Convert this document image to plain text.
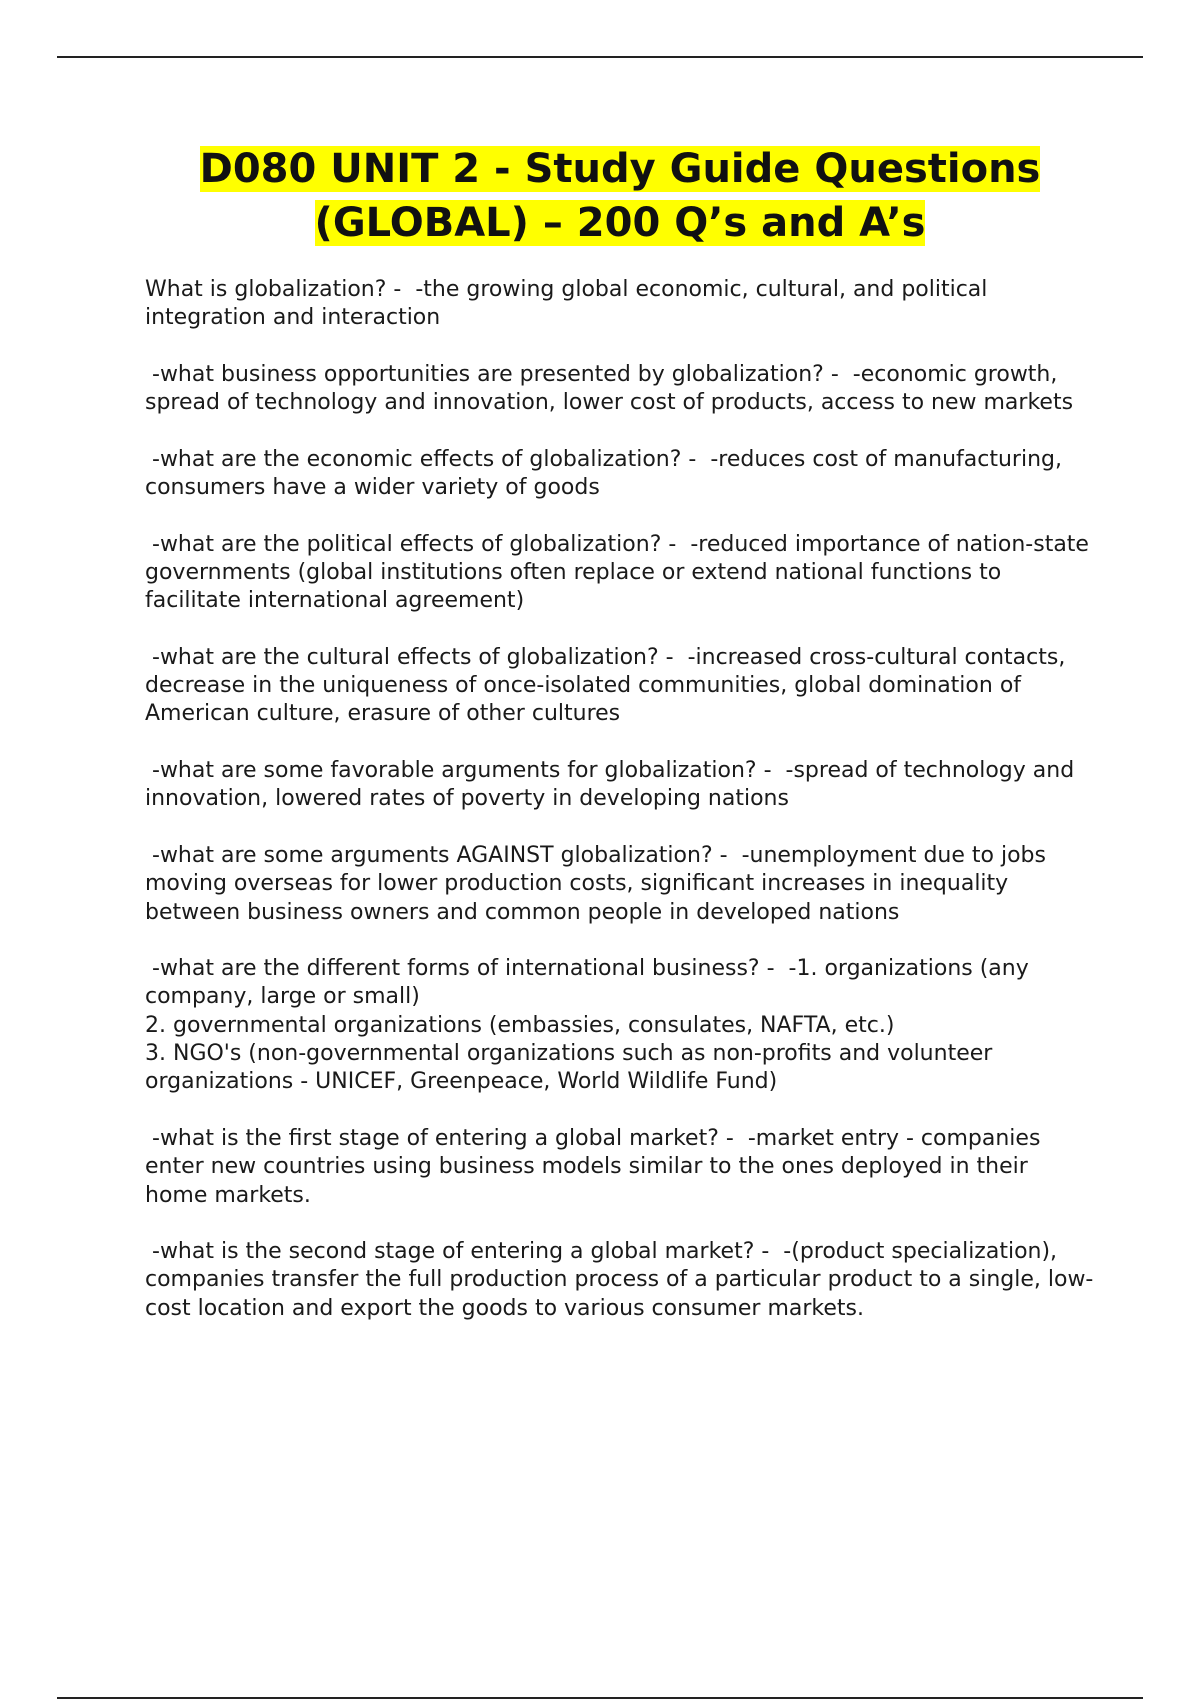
D080 UNIT 2 - Study Guide Questions (GLOBAL) – 200 Q’s and A’s

What is globalization? -  -the growing global economic, cultural, and political integration and interaction

-what business opportunities are presented by globalization? -  -economic growth, spread of technology and innovation, lower cost of products, access to new markets

-what are the economic effects of globalization? -  -reduces cost of manufacturing, consumers have a wider variety of goods

-what are the political effects of globalization? -  -reduced importance of nation-state governments (global institutions often replace or extend national functions to facilitate international agreement)

-what are the cultural effects of globalization? -  -increased cross-cultural contacts, decrease in the uniqueness of once-isolated communities, global domination of American culture, erasure of other cultures

-what are some favorable arguments for globalization? -  -spread of technology and innovation, lowered rates of poverty in developing nations

-what are some arguments AGAINST globalization? -  -unemployment due to jobs moving overseas for lower production costs, significant increases in inequality between business owners and common people in developed nations

-what are the different forms of international business? -  -1. organizations (any company, large or small)
2. governmental organizations (embassies, consulates, NAFTA, etc.)
3. NGO's (non-governmental organizations such as non-profits and volunteer organizations - UNICEF, Greenpeace, World Wildlife Fund)

-what is the first stage of entering a global market? -  -market entry - companies enter new countries using business models similar to the ones deployed in their home markets.

-what is the second stage of entering a global market? -  -(product specialization), companies transfer the full production process of a particular product to a single, low-cost location and export the goods to various consumer markets.
